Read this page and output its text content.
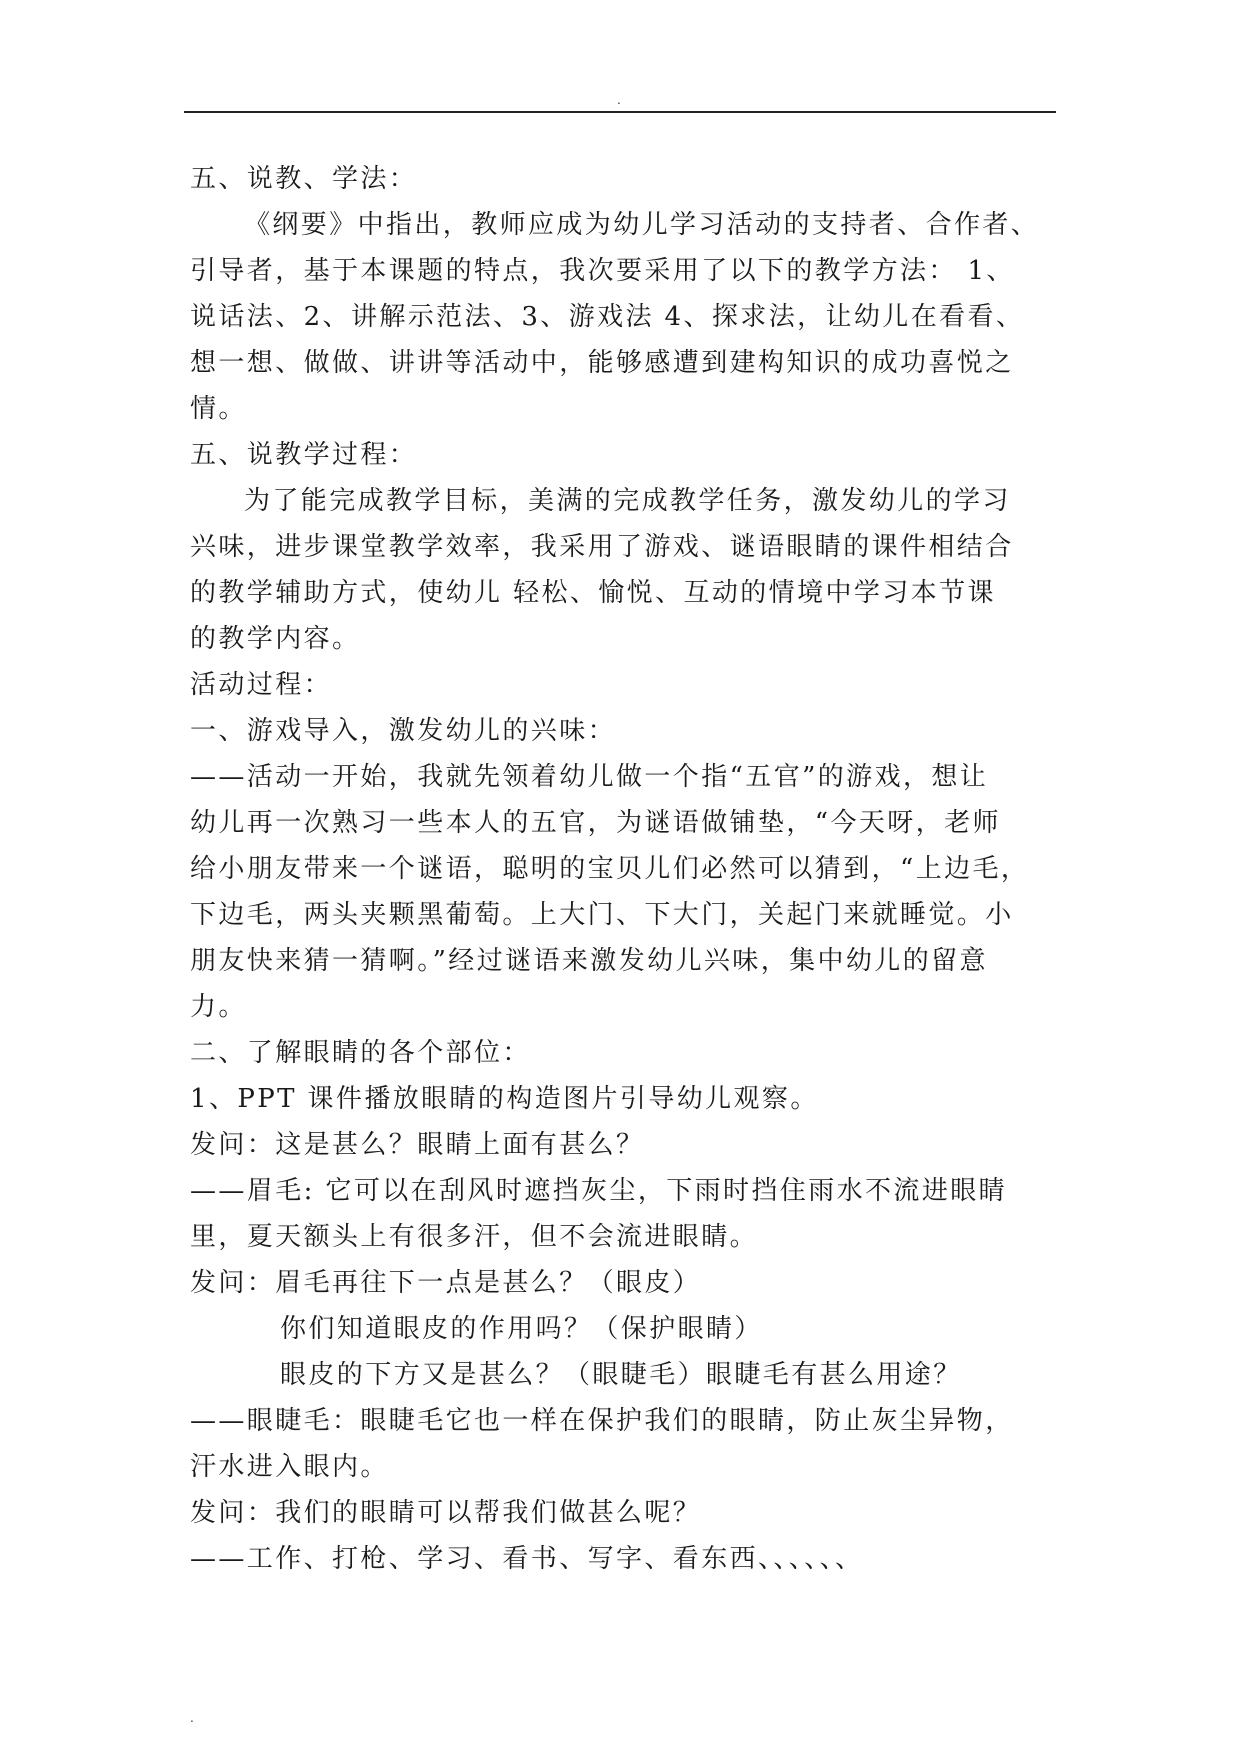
.
五、说教、学法：
《纲要》中指出，教师应成为幼儿学习活动的支持者、合作者、
引导者，基于本课题的特点，我次要采用了以下的教学方法： 1、
说话法、2、讲解示范法、3、游戏法 4、探求法，让幼儿在看看、
想一想、做做、讲讲等活动中，能够感遭到建构知识的成功喜悦之
情。
五、说教学过程：
为了能完成教学目标，美满的完成教学任务，激发幼儿的学习
兴味，进步课堂教学效率，我采用了游戏、谜语眼睛的课件相结合
的教学辅助方式，使幼儿 轻松、愉悦、互动的情境中学习本节课
的教学内容。
活动过程：
一、游戏导入，激发幼儿的兴味：
——活动一开始，我就先领着幼儿做一个指“五官”的游戏，想让
幼儿再一次熟习一些本人的五官，为谜语做铺垫，“今天呀，老师
给小朋友带来一个谜语，聪明的宝贝儿们必然可以猜到，“上边毛，
下边毛，两头夹颗黑葡萄。上大门、下大门，关起门来就睡觉。小
朋友快来猜一猜啊。”经过谜语来激发幼儿兴味，集中幼儿的留意
力。
二、了解眼睛的各个部位：
1、PPT 课件播放眼睛的构造图片引导幼儿观察。
发问：这是甚么？眼睛上面有甚么？
——眉毛: 它可以在刮风时遮挡灰尘，下雨时挡住雨水不流进眼睛
里，夏天额头上有很多汗，但不会流进眼睛。
发问：眉毛再往下一点是甚么？（眼皮）
你们知道眼皮的作用吗？（保护眼睛）
眼皮的下方又是甚么？（眼睫毛）眼睫毛有甚么用途？
——眼睫毛：眼睫毛它也一样在保护我们的眼睛，防止灰尘异物，
汗水进入眼内。
发问：我们的眼睛可以帮我们做甚么呢？
——工作、打枪、学习、看书、写字、看东西、、、、、、
.
